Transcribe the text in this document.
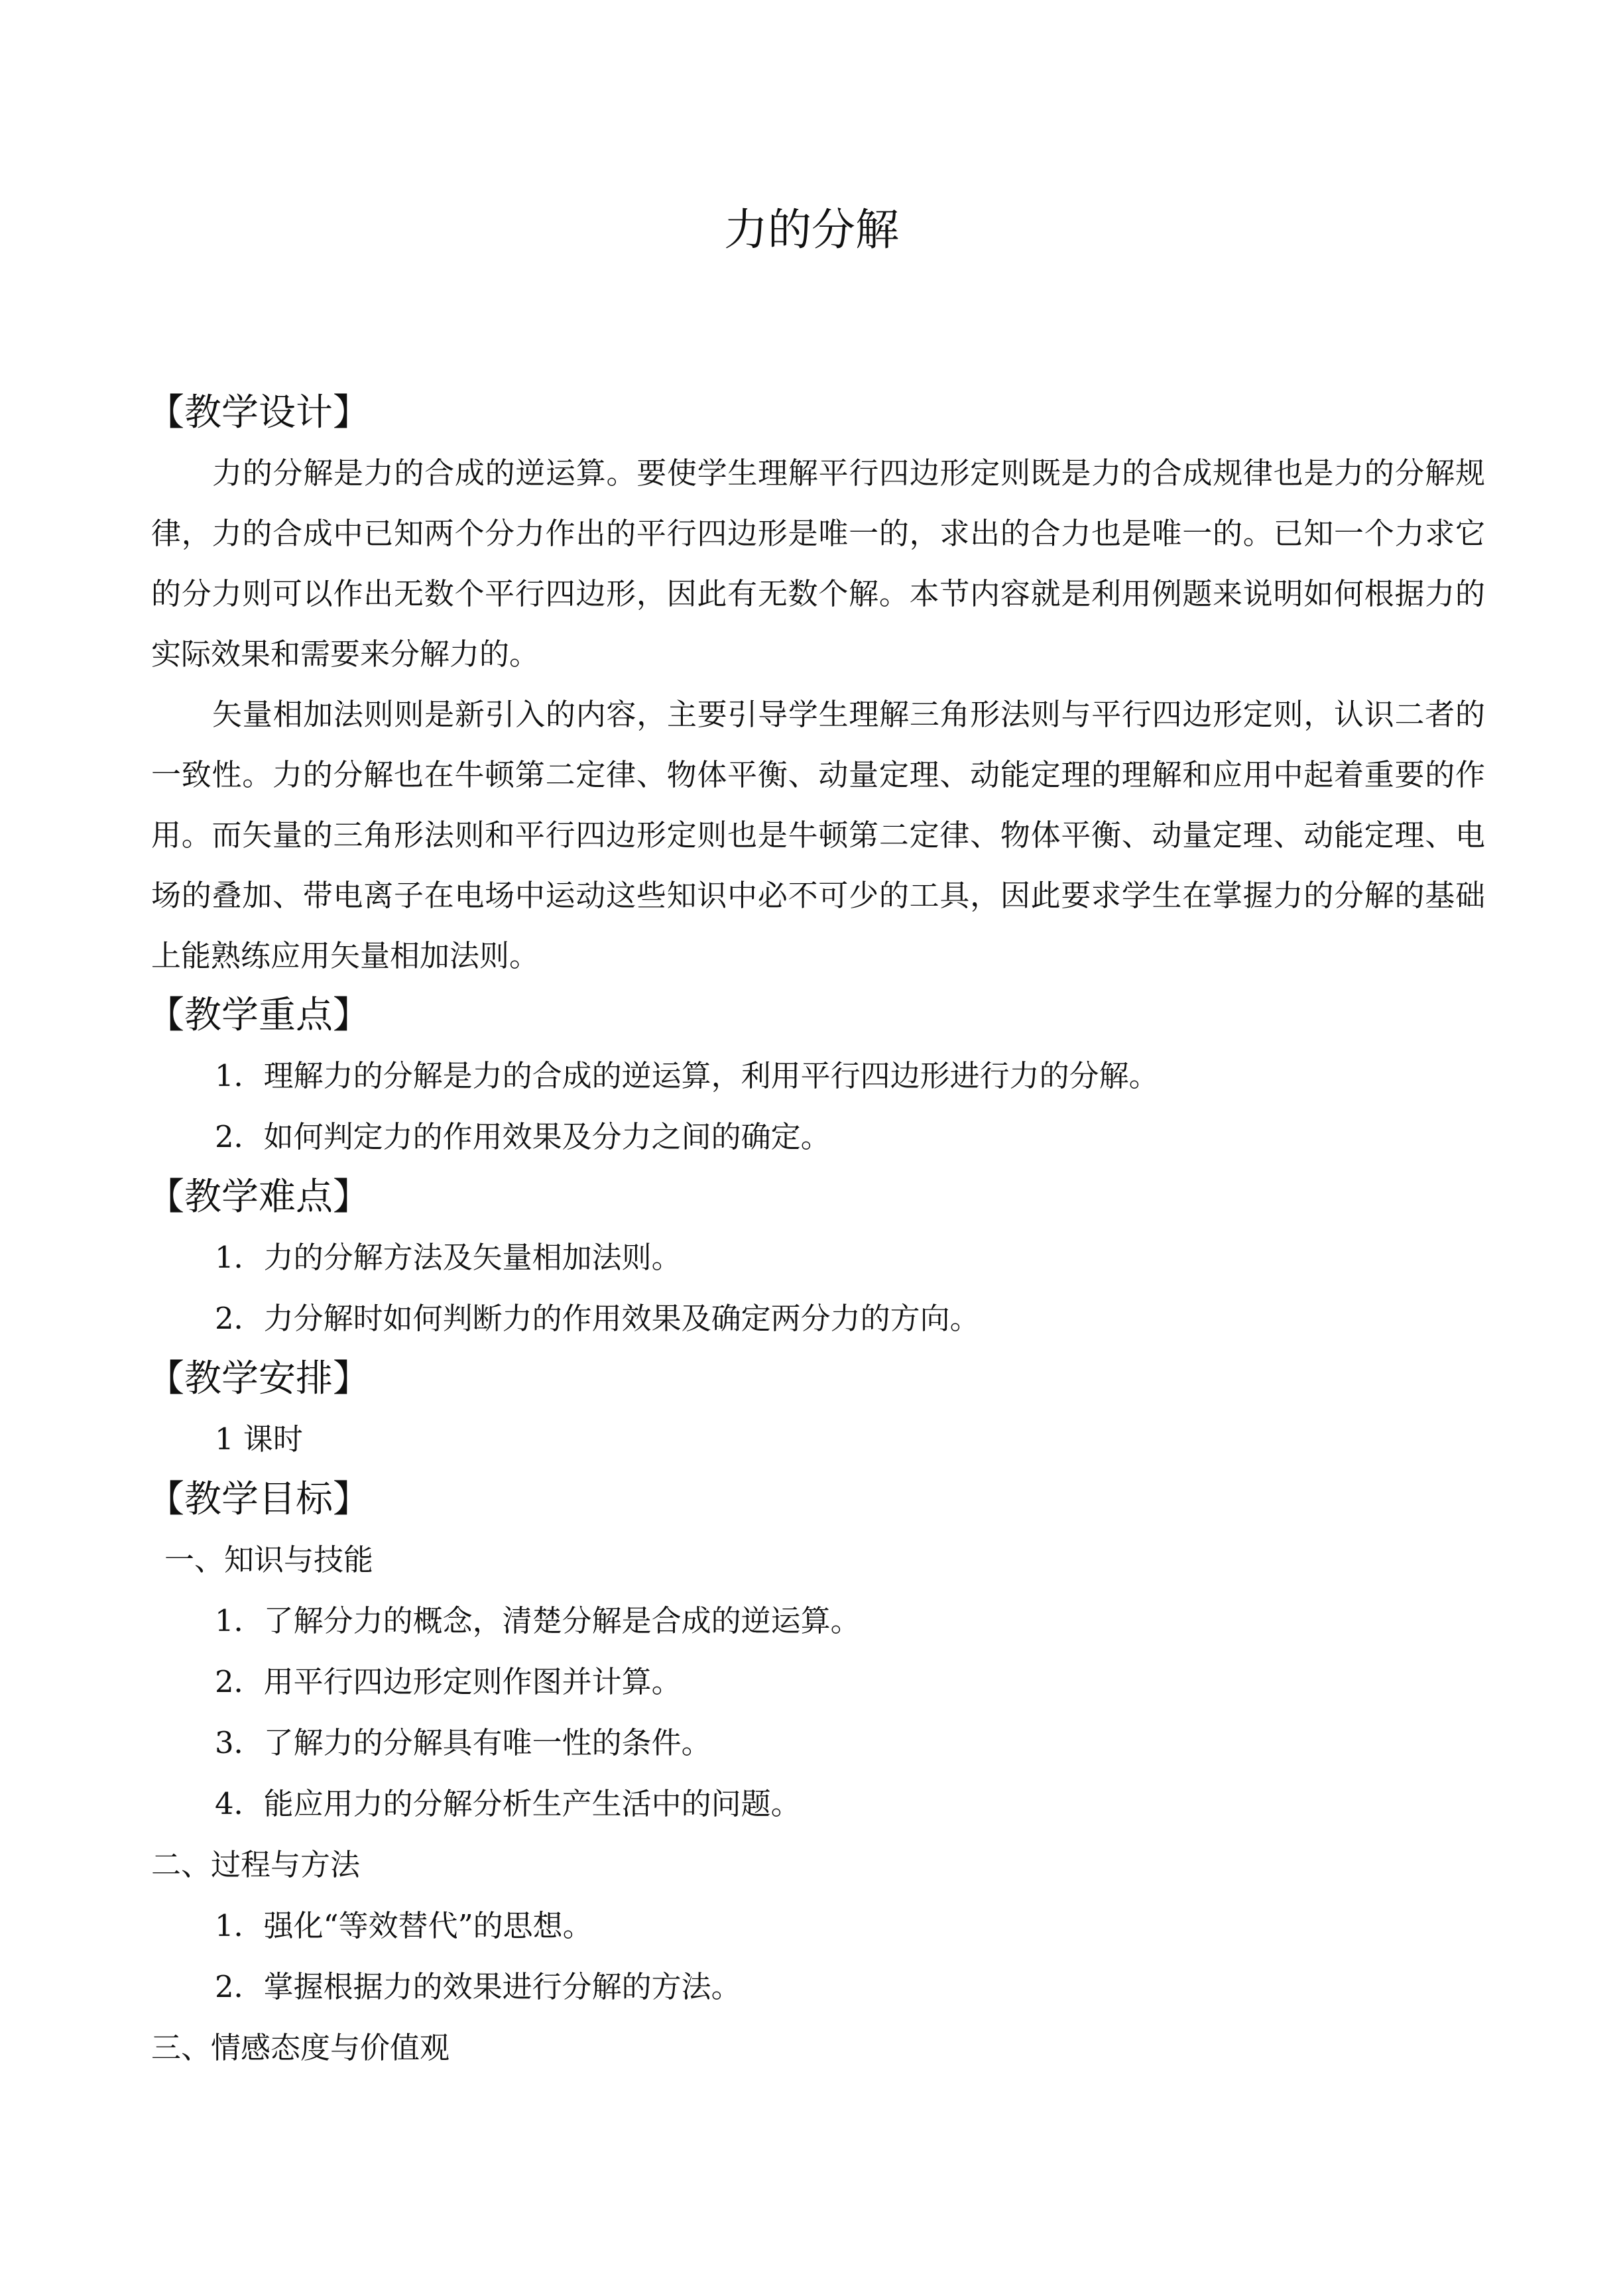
力的分解
【教学设计】

力的分解是力的合成的逆运算。要使学生理解平行四边形定则既是力的合成规律也是力的分解规律，力的合成中已知两个分力作出的平行四边形是唯一的，求出的合力也是唯一的。已知一个力求它的分力则可以作出无数个平行四边形，因此有无数个解。本节内容就是利用例题来说明如何根据力的实际效果和需要来分解力的。

矢量相加法则则是新引入的内容，主要引导学生理解三角形法则与平行四边形定则，认识二者的一致性。力的分解也在牛顿第二定律、物体平衡、动量定理、动能定理的理解和应用中起着重要的作用。而矢量的三角形法则和平行四边形定则也是牛顿第二定律、物体平衡、动量定理、动能定理、电场的叠加、带电离子在电场中运动这些知识中必不可少的工具，因此要求学生在掌握力的分解的基础上能熟练应用矢量相加法则。

【教学重点】
1．理解力的分解是力的合成的逆运算，利用平行四边形进行力的分解。
2．如何判定力的作用效果及分力之间的确定。
【教学难点】
1．力的分解方法及矢量相加法则。
2．力分解时如何判断力的作用效果及确定两分力的方向。
【教学安排】
1 课时
【教学目标】
一、知识与技能
1．了解分力的概念，清楚分解是合成的逆运算。
2．用平行四边形定则作图并计算。
3．了解力的分解具有唯一性的条件。
4．能应用力的分解分析生产生活中的问题。
二、过程与方法
1．强化“等效替代”的思想。
2．掌握根据力的效果进行分解的方法。
三、情感态度与价值观
